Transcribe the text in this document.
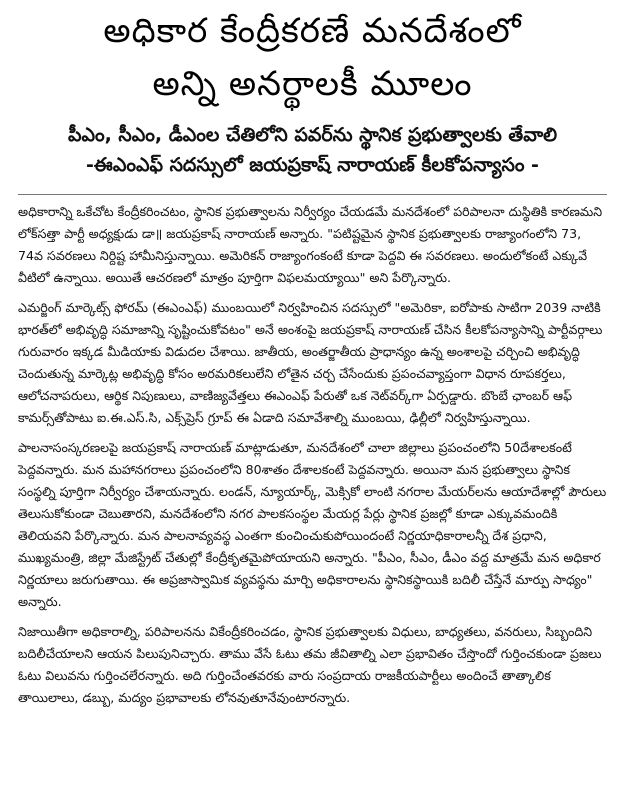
అధికార కేంద్రీకరణే మనదేశంలో
అన్ని అనర్థాలకీ మూలం
పీఎం, సీఎం, డీఎంల చేతిలోని పవర్‌ను స్థానిక ప్రభుత్వాలకు తేవాలి
-ఈఎంఎఫ్ సదస్సులో జయప్రకాష్ నారాయణ్ కీలకోపన్యాసం -

అధికారాన్ని ఒకేచోట కేంద్రీకరించటం, స్థానిక ప్రభుత్వాలను నిర్వీర్యం చేయడమే మనదేశంలో పరిపాలనా దుస్థితికి కారణమని లోక్‌సత్తా పార్టీ అధ్యక్షుడు డా॥ జయప్రకాష్ నారాయణ్ అన్నారు. "పటిష్టమైన స్థానిక ప్రభుత్వాలకు రాజ్యాంగంలోని 73, 74వ సవరణలు నిర్దిష్ట హామీనిస్తున్నాయి. అమెరికన్ రాజ్యాంగంకంటే కూడా పెద్దవి ఈ సవరణలు. అందులోకంటే ఎక్కువే వీటిలో ఉన్నాయి. అయితే ఆచరణలో మాత్రం పూర్తిగా విఫలమయ్యాయి" అని పేర్కొన్నారు.

ఎమర్జింగ్ మార్కెట్స్ ఫోరమ్ (ఈఎంఎఫ్) ముంబయిలో నిర్వహించిన సదస్సులో "అమెరికా, ఐరోపాకు సాటిగా 2039 నాటికి భారత్‌లో అభివృద్ధి సమాజాన్ని సృష్టించుకోవటం" అనే అంశంపై జయప్రకాష్ నారాయణ్ చేసిన కీలకోపన్యాసాన్ని పార్టీవర్గాలు గురువారం ఇక్కడ మీడియాకు విడుదల చేశాయి. జాతీయ, అంతర్జాతీయ ప్రాధాన్యం ఉన్న అంశాలపై చర్చించి అభివృద్ధి చెందుతున్న మార్కెట్ల అభివృద్ధి కోసం అరమరికలులేని లోతైన చర్చ చేసేందుకు ప్రపంచవ్యాప్తంగా విధాన రూపకర్తలు, ఆలోచనాపరులు, ఆర్థిక నిపుణులు, వాణిజ్యవేత్తలు ఈఎంఎఫ్ పేరుతో ఒక నెట్‌వర్క్‌గా ఏర్పడ్డారు. బొంబే ఛాంబర్ ఆఫ్ కామర్స్‌తోపాటు ఐ.ఈ.ఎస్.సి, ఎక్స్‌ప్రెస్ గ్రూప్ ఈ ఏడాది సమావేశాల్ని ముంబయి, ఢిల్లీలో నిర్వహిస్తున్నాయి.

పాలనాసంస్కరణలపై జయప్రకాష్ నారాయణ్ మాట్లాడుతూ, మనదేశంలో చాలా జిల్లాలు ప్రపంచంలోని 50దేశాలకంటే పెద్దవన్నారు. మన మహానగరాలు ప్రపంచంలోని 80శాతం దేశాలకంటే పెద్దవన్నారు. అయినా మన ప్రభుత్వాలు స్థానిక సంస్థల్ని పూర్తిగా నిర్వీర్యం చేశాయన్నారు. లండన్, న్యూయార్క్, మెక్సికో లాంటి నగరాల మేయర్‌లను ఆయాదేశాల్లో పౌరులు తెలుసుకోకుండా చెబుతారని, మనదేశంలోని నగర పాలకసంస్థల మేయర్ల పేర్లు స్థానిక ప్రజల్లో కూడా ఎక్కువమందికి తెలియవని పేర్కొన్నారు. మన పాలనావ్యవస్థ ఎంతగా కుంచించుకుపోయిందంటే నిర్ణయాధికారాలన్నీ దేశ ప్రధాని, ముఖ్యమంత్రి, జిల్లా మేజిస్ట్రేట్ చేతుల్లో కేంద్రీకృతమైపోయాయని అన్నారు. "పీఎం, సీఎం, డీఎం వద్ద మాత్రమే మన అధికార నిర్ణయాలు జరుగుతాయి. ఈ అప్రజాస్వామిక వ్యవస్థను మార్చి అధికారాలను స్థానికస్థాయికి బదిలీ చేస్తేనే మార్పు సాధ్యం" అన్నారు.

నిజాయితీగా అధికారాల్ని, పరిపాలనను వికేంద్రీకరించడం, స్థానిక ప్రభుత్వాలకు విధులు, బాధ్యతలు, వనరులు, సిబ్బందిని బదిలీచేయాలని ఆయన పిలుపునిచ్చారు. తాము వేసే ఓటు తమ జీవితాల్ని ఎలా ప్రభావితం చేస్తొందో గుర్తించకుండా ప్రజలు ఓటు విలువను గుర్తించలేరన్నారు. అది గుర్తించేంతవరకు వారు సంప్రదాయ రాజకీయపార్టీలు అందించే తాత్కాలిక తాయిలాలు, డబ్బు, మద్యం ప్రభావాలకు లోనవుతూనేవుంటారన్నారు.
